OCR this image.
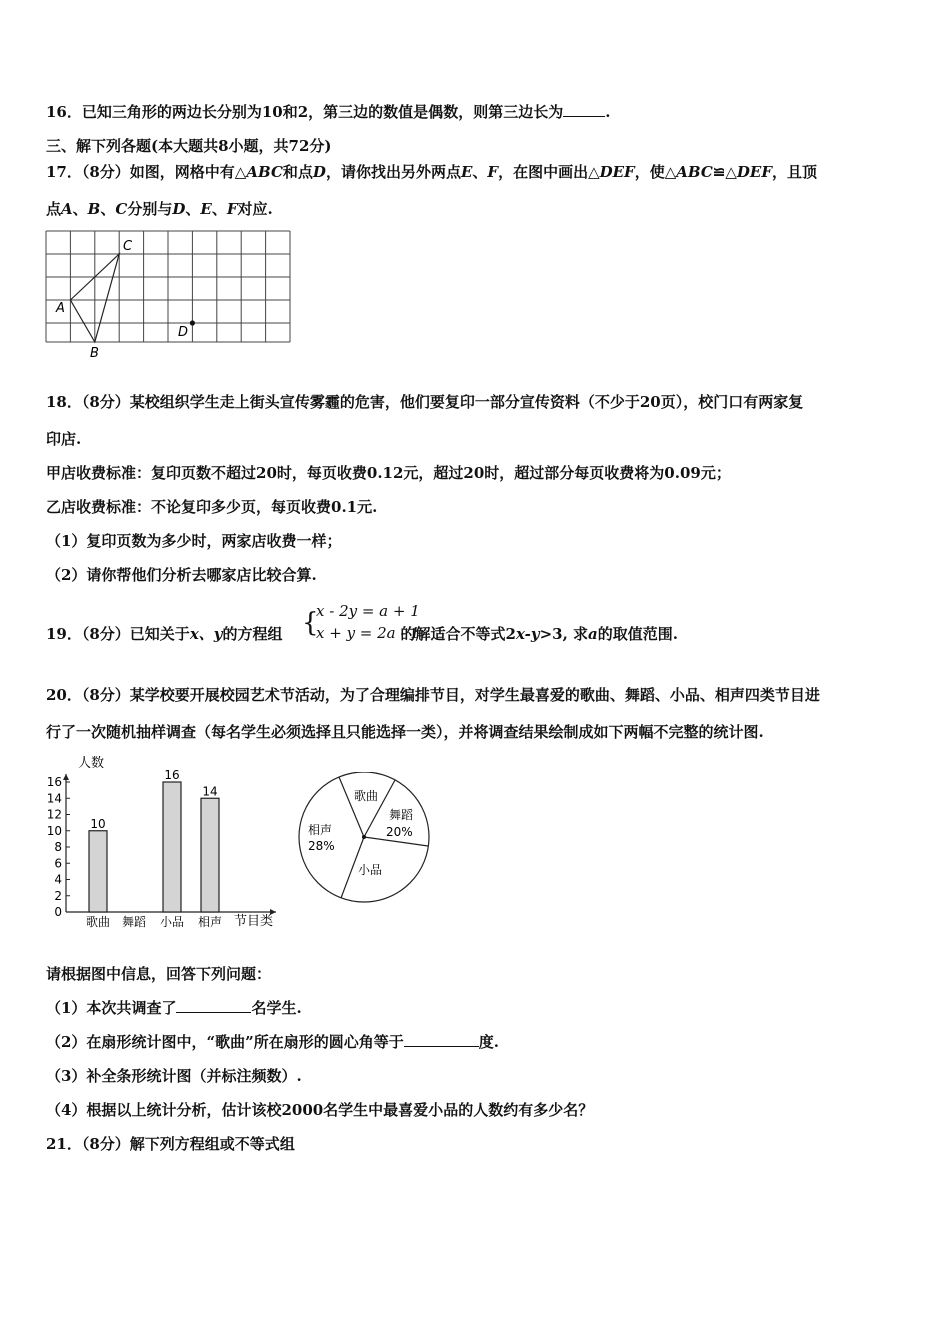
16．已知三角形的两边长分别为10和2，第三边的数值是偶数，则第三边长为	.
三、解下列各题(本大题共8小题，共72分)
17．（8分）如图，网格中有△ABC和点D，请你找出另外两点E、F，在图中画出△DEF，使△ABC≌△DEF，且顶
点A、B、C分别与D、E、F对应.
A
C
B
D
18．（8分）某校组织学生走上街头宣传雾霾的危害，他们要复印一部分宣传资料（不少于20页），校门口有两家复
印店.
甲店收费标准：复印页数不超过20时，每页收费0.12元，超过20时，超过部分每页收费将为0.09元；
乙店收费标准：不论复印多少页，每页收费0.1元.
（1）复印页数为多少时，两家店收费一样；
（2）请你帮他们分析去哪家店比较合算.
19．（8分）已知关于x、y的方程组	的解适合不等式2x-y>3, 求a的取值范围.
{
x - 2y = a + 1
x + y = 2a - 1
20．（8分）某学校要开展校园艺术节活动，为了合理编排节目，对学生最喜爱的歌曲、舞蹈、小品、相声四类节目进
行了一次随机抽样调查（每名学生必须选择且只能选择一类），并将调查结果绘制成如下两幅不完整的统计图.
人数
节目类
0
2
4
6
8
10
12
14
16
歌曲
10
舞蹈 小品
16
相声
14	歌曲
舞蹈
20%
小品
相声
28%
请根据图中信息，回答下列问题：
（1）本次共调查了	名学生.
（2）在扇形统计图中，“歌曲”所在扇形的圆心角等于	度.
（3）补全条形统计图（并标注频数）.
（4）根据以上统计分析，估计该校2000名学生中最喜爱小品的人数约有多少名？
21．（8分）解下列方程组或不等式组
